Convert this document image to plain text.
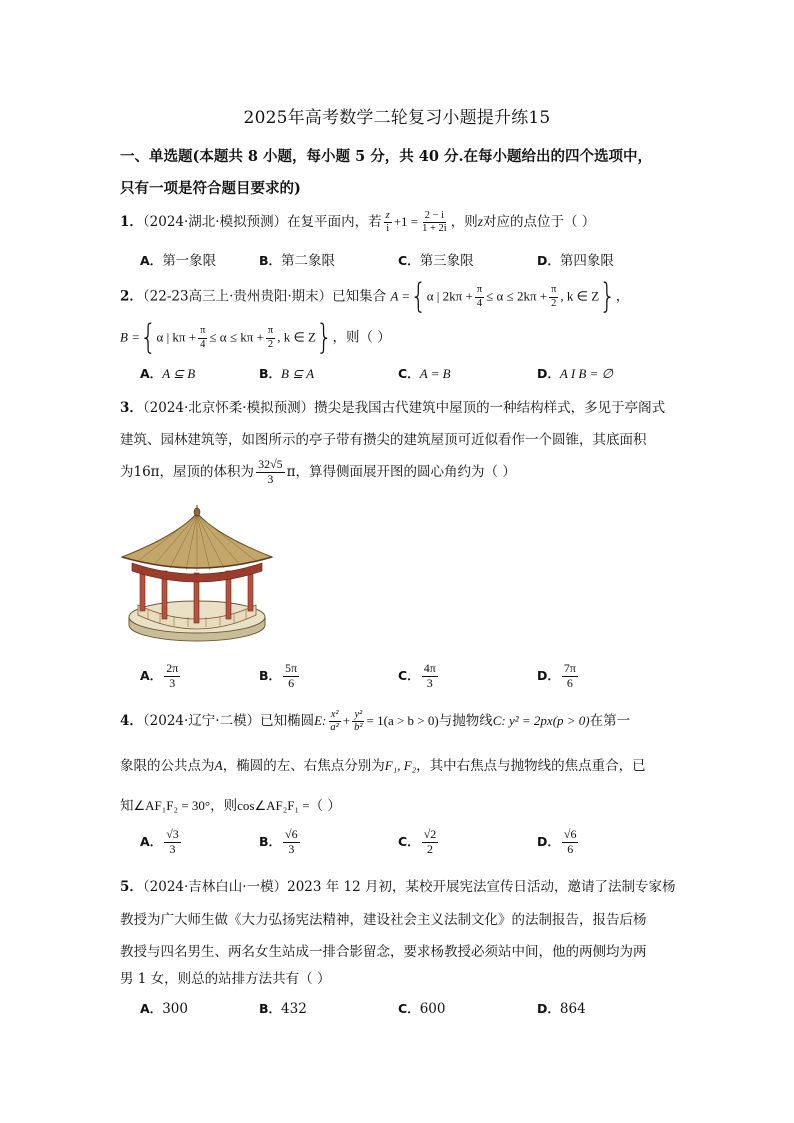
2025年高考数学二轮复习小题提升练15
一、单选题(本题共 8 小题，每小题 5 分，共 40 分.在每小题给出的四个选项中，
只有一项是符合题目要求的)
1．（2024·湖北·模拟预测）在复平面内，若 $\frac{z}{i} +1 = \frac{2 - i}{1 + 2i}$ ，则z对应的点位于（ ）
A．第一象限	B．第二象限	C．第三象限	D．第四象限
2．（22-23高三上·贵州贵阳·期末）已知集合 A ={α | $2k\pi + \frac{\pi}{4} \le \alpha \le 2k\pi + \frac{\pi}{2}$ , k ∈ Z}，
B ={α | $k\pi + \frac{\pi}{4} \le \alpha \le k\pi + \frac{\pi}{2}$ , k ∈ Z}，则（ ）
A．A ⊆ B	B．B ⊆ A	C．A = B	D．A I B = ∅
3．（2024·北京怀柔·模拟预测）攒尖是我国古代建筑中屋顶的一种结构样式，多见于亭阁式
建筑、园林建筑等，如图所示的亭子带有攒尖的建筑屋顶可近似看作一个圆锥，其底面积
为16π，屋顶的体积为 $\frac{32√5}{3}$ π，算得侧面展开图的圆心角约为（ ）
A． $\frac{2\pi}{3}$	B． $\frac{5\pi}{6}$	C． $\frac{4\pi}{3}$	D． $\frac{7\pi}{6}$
4．（2024·辽宁·二模）已知椭圆E: $\frac{\text{x²}}{\text{a²}} + \frac{\text{y²}}{\text{b²}} = 1(a > b > 0)$与抛物线C: y² = 2px(p > 0)在第一
象限的公共点为A，椭圆的左、右焦点分别为F₁, F₂，其中右焦点与抛物线的焦点重合，已
知∠AF₁F₂ = 30°，则cos∠AF₂F₁ =（ ）
A． $\frac{√3}{3}$	B． $\frac{√6}{3}$	C． $\frac{√2}{2}$	D． $\frac{√6}{6}$
5．（2024·吉林白山·一模）2023 年 12 月初，某校开展宪法宣传日活动，邀请了法制专家杨
教授为广大师生做《大力弘扬宪法精神，建设社会主义法制文化》的法制报告，报告后杨
教授与四名男生、两名女生站成一排合影留念，要求杨教授必须站中间，他的两侧均为两
男 1 女，则总的站排方法共有（ ）
A．300	B．432	C．600	D．864
